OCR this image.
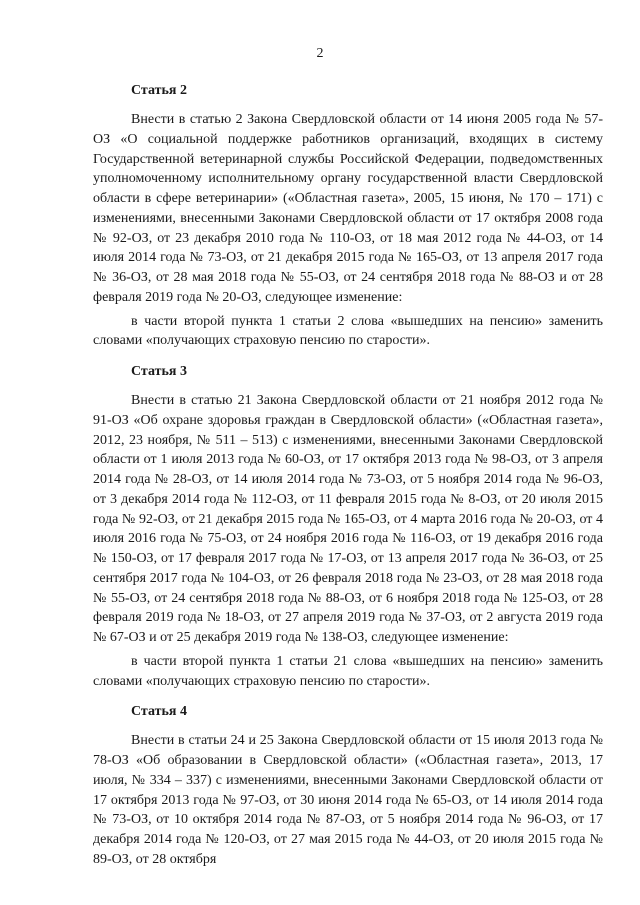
2
Статья 2

Внести в статью 2 Закона Свердловской области от 14 июня 2005 года № 57-ОЗ «О социальной поддержке работников организаций, входящих в систему Государственной ветеринарной службы Российской Федерации, подведомственных уполномоченному исполнительному органу государственной власти Свердловской области в сфере ветеринарии» («Областная газета», 2005, 15 июня, № 170 – 171) с изменениями, внесенными Законами Свердловской области от 17 октября 2008 года № 92-ОЗ, от 23 декабря 2010 года № 110-ОЗ, от 18 мая 2012 года № 44-ОЗ, от 14 июля 2014 года № 73-ОЗ, от 21 декабря 2015 года № 165-ОЗ, от 13 апреля 2017 года № 36-ОЗ, от 28 мая 2018 года № 55-ОЗ, от 24 сентября 2018 года № 88-ОЗ и от 28 февраля 2019 года № 20-ОЗ, следующее изменение:

в части второй пункта 1 статьи 2 слова «вышедших на пенсию» заменить словами «получающих страховую пенсию по старости».

Статья 3

Внести в статью 21 Закона Свердловской области от 21 ноября 2012 года № 91-ОЗ «Об охране здоровья граждан в Свердловской области» («Областная газета», 2012, 23 ноября, № 511 – 513) с изменениями, внесенными Законами Свердловской области от 1 июля 2013 года № 60-ОЗ, от 17 октября 2013 года № 98-ОЗ, от 3 апреля 2014 года № 28-ОЗ, от 14 июля 2014 года № 73-ОЗ, от 5 ноября 2014 года № 96-ОЗ, от 3 декабря 2014 года № 112-ОЗ, от 11 февраля 2015 года № 8-ОЗ, от 20 июля 2015 года № 92-ОЗ, от 21 декабря 2015 года № 165-ОЗ, от 4 марта 2016 года № 20-ОЗ, от 4 июля 2016 года № 75-ОЗ, от 24 ноября 2016 года № 116-ОЗ, от 19 декабря 2016 года № 150-ОЗ, от 17 февраля 2017 года № 17-ОЗ, от 13 апреля 2017 года № 36-ОЗ, от 25 сентября 2017 года № 104-ОЗ, от 26 февраля 2018 года № 23-ОЗ, от 28 мая 2018 года № 55-ОЗ, от 24 сентября 2018 года № 88-ОЗ, от 6 ноября 2018 года № 125-ОЗ, от 28 февраля 2019 года № 18-ОЗ, от 27 апреля 2019 года № 37-ОЗ, от 2 августа 2019 года № 67-ОЗ и от 25 декабря 2019 года № 138-ОЗ, следующее изменение:

в части второй пункта 1 статьи 21 слова «вышедших на пенсию» заменить словами «получающих страховую пенсию по старости».

Статья 4

Внести в статьи 24 и 25 Закона Свердловской области от 15 июля 2013 года № 78-ОЗ «Об образовании в Свердловской области» («Областная газета», 2013, 17 июля, № 334 – 337) с изменениями, внесенными Законами Свердловской области от 17 октября 2013 года № 97-ОЗ, от 30 июня 2014 года № 65-ОЗ, от 14 июля 2014 года № 73-ОЗ, от 10 октября 2014 года № 87-ОЗ, от 5 ноября 2014 года № 96-ОЗ, от 17 декабря 2014 года № 120-ОЗ, от 27 мая 2015 года № 44-ОЗ, от 20 июля 2015 года № 89-ОЗ, от 28 октября
